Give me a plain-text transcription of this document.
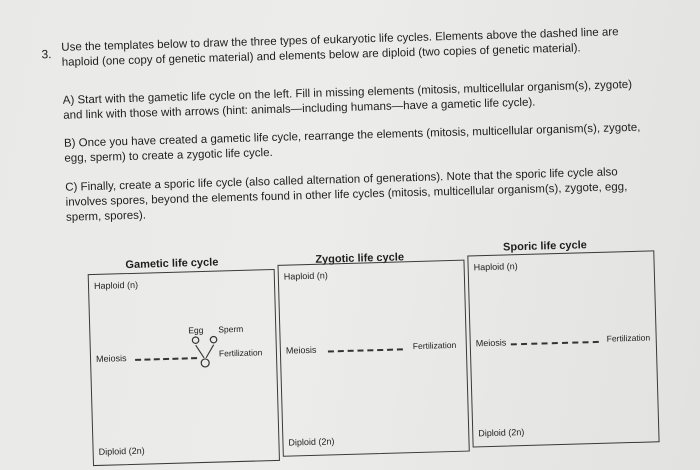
3.
Use the templates below to draw the three types of eukaryotic life cycles. Elements above the dashed line are haploid (one copy of genetic material) and elements below are diploid (two copies of genetic material).
A) Start with the gametic life cycle on the left. Fill in missing elements (mitosis, multicellular organism(s), zygote) and link with those with arrows (hint: animals—including humans—have a gametic life cycle).
B) Once you have created a gametic life cycle, rearrange the elements (mitosis, multicellular organism(s), zygote, egg, sperm) to create a zygotic life cycle.
C) Finally, create a sporic life cycle (also called alternation of generations). Note that the sporic life cycle also involves spores, beyond the elements found in other life cycles (mitosis, multicellular organism(s), zygote, egg, sperm, spores).
Gametic life cycle
Haploid (n)
Egg Sperm
Meiosis
Fertilization
Diploid (2n)
Zygotic life cycle
Haploid (n)
Meiosis	Fertilization
Diploid (2n)
Sporic life cycle
Haploid (n)
Meiosis	Fertilization
Diploid (2n)
